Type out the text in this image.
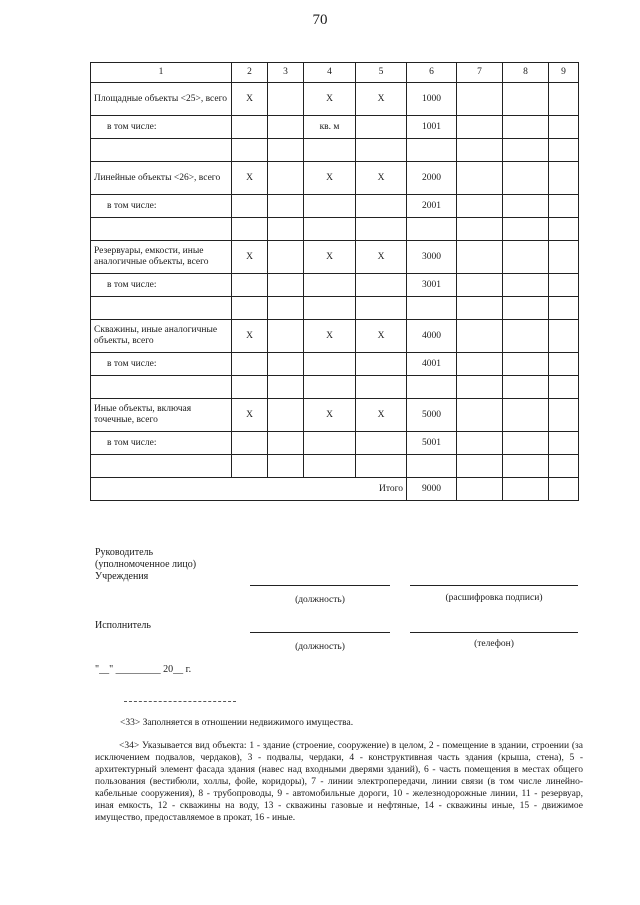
70
1	2	3	4	5	6	7	8	9
Площадные объекты <25>, всего	X		X	X	1000			
в том числе:			кв. м		1001			

Линейные объекты <26>, всего	X		X	X	2000			
в том числе:					2001			

Резервуары, емкости, иные аналогичные объекты, всего	X		X	X	3000			
в том числе:					3001			

Скважины, иные аналогичные объекты, всего	X		X	X	4000			
в том числе:					4001			

Иные объекты, включая точечные, всего	X		X	X	5000			
в том числе:					5001			

Итого					9000			
Руководитель
(уполномоченное лицо)
Учреждения
(должность)	(расшифровка подписи)
Исполнитель
(должность)	(телефон)
"__" _________ 20__ г.
<33> Заполняется в отношении недвижимого имущества.
<34> Указывается вид объекта: 1 - здание (строение, сооружение) в целом, 2 - помещение в здании, строении (за исключением подвалов, чердаков), 3 - подвалы, чердаки, 4 - конструктивная часть здания (крыша, стена), 5 - архитектурный элемент фасада здания (навес над входными дверями зданий), 6 - часть помещения в местах общего пользования (вестибюли, холлы, фойе, коридоры), 7 - линии электропередачи, линии связи (в том числе линейно-кабельные сооружения), 8 - трубопроводы, 9 - автомобильные дороги, 10 - железнодорожные линии, 11 - резервуар, иная емкость, 12 - скважины на воду, 13 - скважины газовые и нефтяные, 14 - скважины иные, 15 - движимое имущество, предоставляемое в прокат, 16 - иные.
